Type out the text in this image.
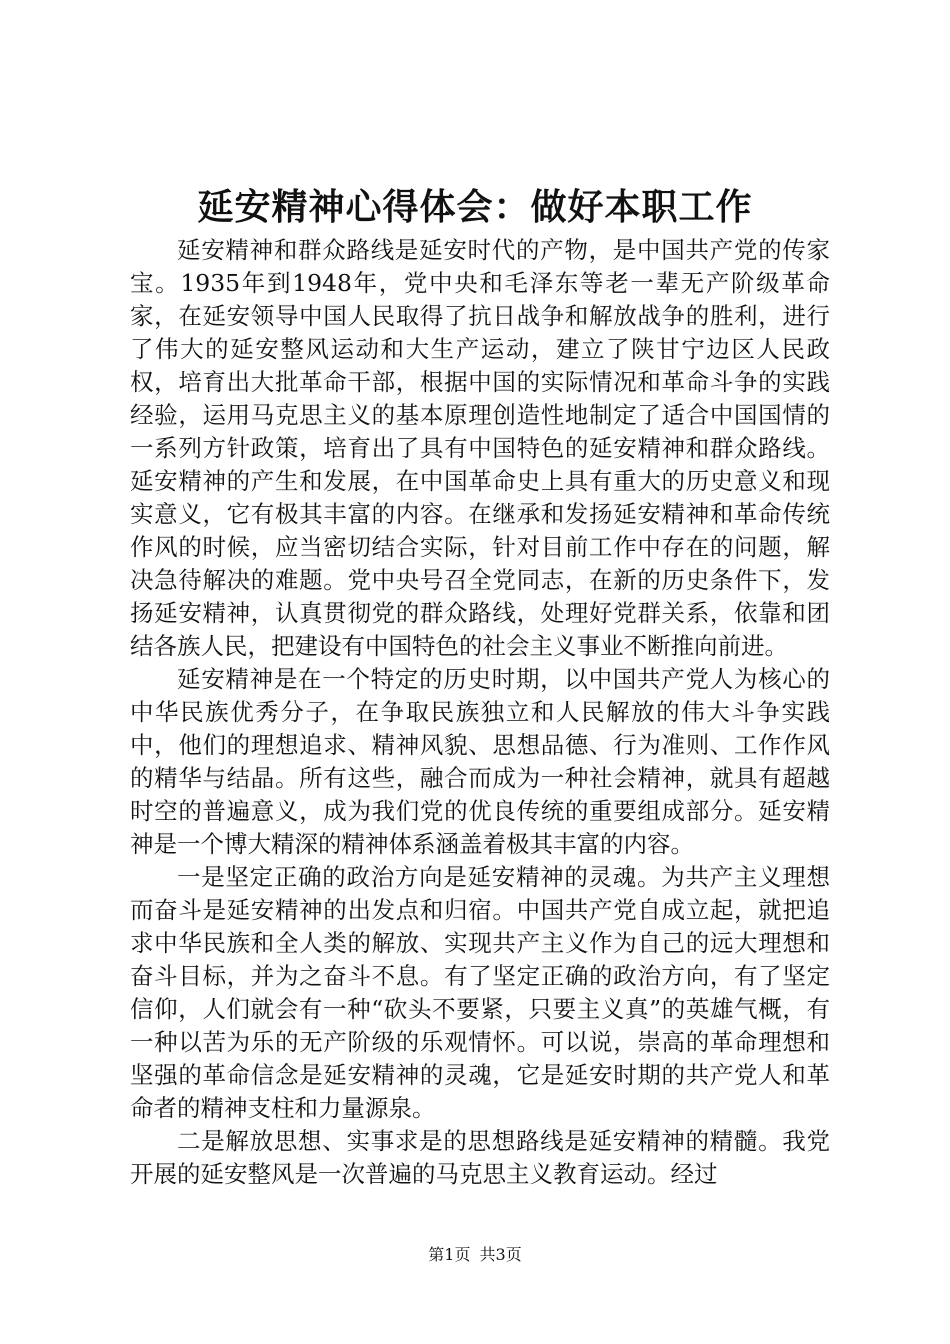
延安精神心得体会：做好本职工作

延安精神和群众路线是延安时代的产物，是中国共产党的传家宝。1935年到1948年，党中央和毛泽东等老一辈无产阶级革命家，在延安领导中国人民取得了抗日战争和解放战争的胜利，进行了伟大的延安整风运动和大生产运动，建立了陕甘宁边区人民政权，培育出大批革命干部，根据中国的实际情况和革命斗争的实践经验，运用马克思主义的基本原理创造性地制定了适合中国国情的一系列方针政策，培育出了具有中国特色的延安精神和群众路线。延安精神的产生和发展，在中国革命史上具有重大的历史意义和现实意义，它有极其丰富的内容。在继承和发扬延安精神和革命传统作风的时候，应当密切结合实际，针对目前工作中存在的问题，解决急待解决的难题。党中央号召全党同志，在新的历史条件下，发扬延安精神，认真贯彻党的群众路线，处理好党群关系，依靠和团结各族人民，把建设有中国特色的社会主义事业不断推向前进。

延安精神是在一个特定的历史时期，以中国共产党人为核心的中华民族优秀分子，在争取民族独立和人民解放的伟大斗争实践中，他们的理想追求、精神风貌、思想品德、行为准则、工作作风的精华与结晶。所有这些，融合而成为一种社会精神，就具有超越时空的普遍意义，成为我们党的优良传统的重要组成部分。延安精神是一个博大精深的精神体系涵盖着极其丰富的内容。

一是坚定正确的政治方向是延安精神的灵魂。为共产主义理想而奋斗是延安精神的出发点和归宿。中国共产党自成立起，就把追求中华民族和全人类的解放、实现共产主义作为自己的远大理想和奋斗目标，并为之奋斗不息。有了坚定正确的政治方向，有了坚定信仰，人们就会有一种“砍头不要紧，只要主义真”的英雄气概，有一种以苦为乐的无产阶级的乐观情怀。可以说，崇高的革命理想和坚强的革命信念是延安精神的灵魂，它是延安时期的共产党人和革命者的精神支柱和力量源泉。

二是解放思想、实事求是的思想路线是延安精神的精髓。我党开展的延安整风是一次普遍的马克思主义教育运动。经过

第1页 共3页
